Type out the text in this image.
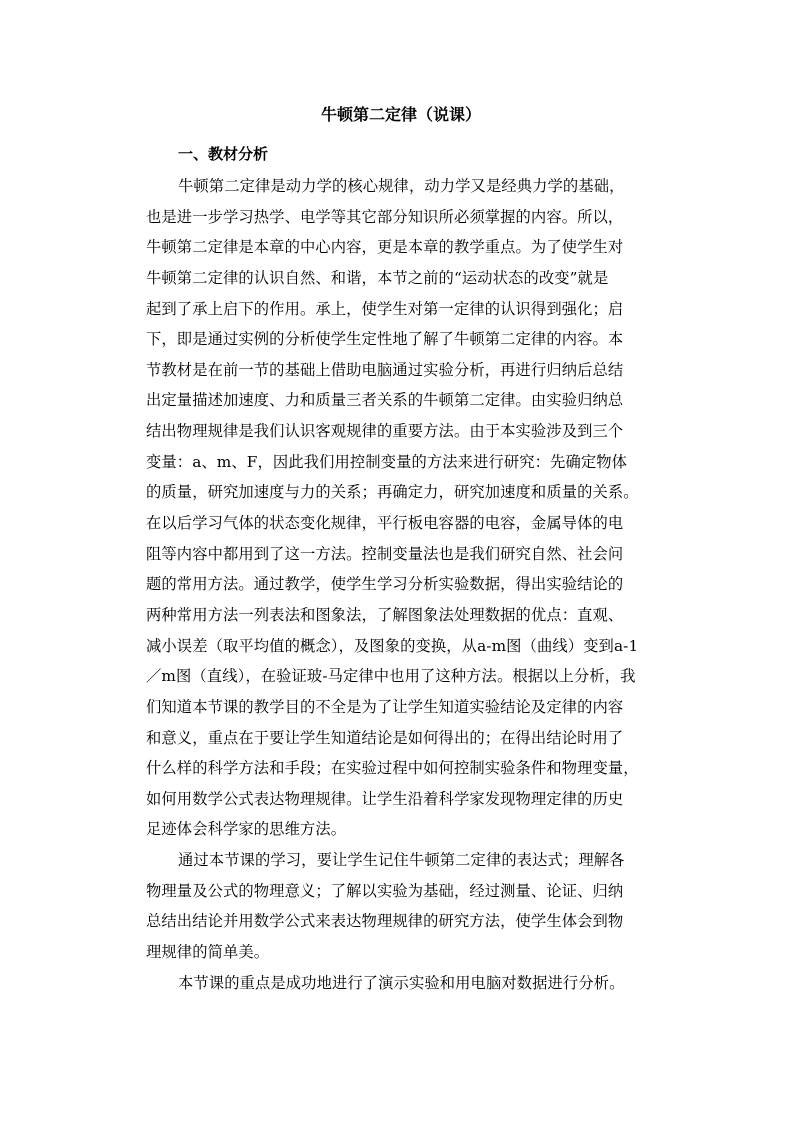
牛顿第二定律（说课）
一、教材分析
牛顿第二定律是动力学的核心规律，动力学又是经典力学的基础，
也是进一步学习热学、电学等其它部分知识所必须掌握的内容。所以，
牛顿第二定律是本章的中心内容，更是本章的教学重点。为了使学生对
牛顿第二定律的认识自然、和谐，本节之前的“运动状态的改变”就是
起到了承上启下的作用。承上，使学生对第一定律的认识得到强化；启
下，即是通过实例的分析使学生定性地了解了牛顿第二定律的内容。本
节教材是在前一节的基础上借助电脑通过实验分析，再进行归纳后总结
出定量描述加速度、力和质量三者关系的牛顿第二定律。由实验归纳总
结出物理规律是我们认识客观规律的重要方法。由于本实验涉及到三个
变量：a、m、F，因此我们用控制变量的方法来进行研究：先确定物体
的质量，研究加速度与力的关系；再确定力，研究加速度和质量的关系。
在以后学习气体的状态变化规律，平行板电容器的电容，金属导体的电
阻等内容中都用到了这一方法。控制变量法也是我们研究自然、社会问
题的常用方法。通过教学，使学生学习分析实验数据，得出实验结论的
两种常用方法一列表法和图象法，了解图象法处理数据的优点：直观、
减小误差（取平均值的概念），及图象的变换，从a-m图（曲线）变到a-1
／m图（直线），在验证玻-马定律中也用了这种方法。根据以上分析，我
们知道本节课的教学目的不全是为了让学生知道实验结论及定律的内容
和意义，重点在于要让学生知道结论是如何得出的；在得出结论时用了
什么样的科学方法和手段；在实验过程中如何控制实验条件和物理变量，
如何用数学公式表达物理规律。让学生沿着科学家发现物理定律的历史
足迹体会科学家的思维方法。
通过本节课的学习，要让学生记住牛顿第二定律的表达式；理解各
物理量及公式的物理意义；了解以实验为基础，经过测量、论证、归纳
总结出结论并用数学公式来表达物理规律的研究方法，使学生体会到物
理规律的简单美。
本节课的重点是成功地进行了演示实验和用电脑对数据进行分析。
